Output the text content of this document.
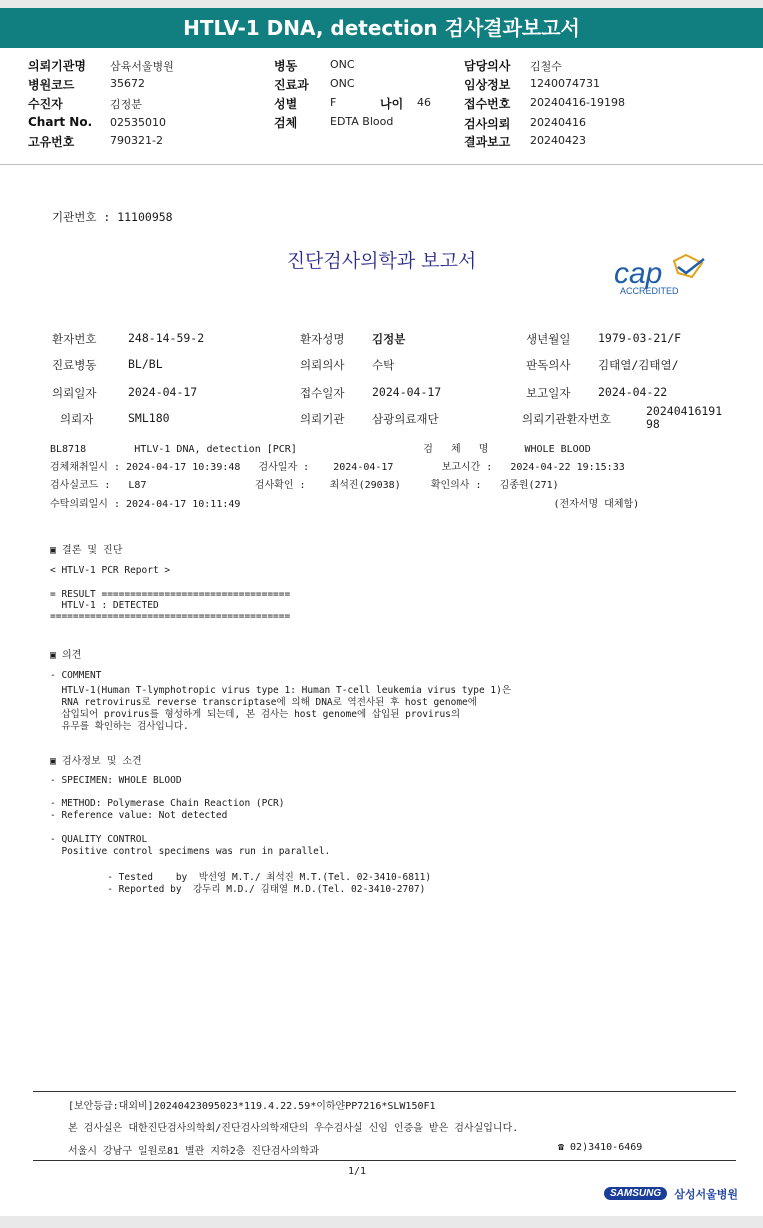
HTLV-1 DNA, detection 검사결과보고서
의뢰기관명 삼육서울병원
병원코드	35672
수진자	김정분
Chart No. 02535010
고유번호	790321-2
병동	ONC
진료과 ONC
성별	F	나이 46
검체	EDTA Blood
담당의사 김철수
임상정보 1240074731
접수번호 20240416-19198
검사의뢰 20240416
결과보고 20240423
기관번호 : 11100958
진단검사의학과 보고서	cap
ACCREDITED
환자번호	248-14-59-2	환자성명 김정분	생년월일 1979-03-21/F
진료병동	BL/BL	의뢰의사 수탁	판독의사 김태열/김태열/
의뢰일자	2024-04-17	접수일자 2024-04-17	보고일자 2024-04-22
의뢰자	SML180	의뢰기관 삼광의료재단	의뢰기관환자번호
2024041619198
BL8718        HTLV-1 DNA, detection [PCR]                     검   체   명      WHOLE BLOOD
검체채취일시 : 2024-04-17 10:39:48   검사일자 :    2024-04-17        보고시간 :   2024-04-22 19:15:33
검사실코드 :   L87                  검사확인 :    최석진(29038)     확인의사 :   김종원(271)
수탁의뢰일시 : 2024-04-17 10:11:49                                                    (전자서명 대체함)
▣ 결론 및 진단
< HTLV-1 PCR Report >
= RESULT =================================
HTLV-1 : DETECTED
==========================================
▣ 의견
- COMMENT
HTLV-1(Human T-lymphotropic virus type 1: Human T-cell leukemia virus type 1)은
RNA retrovirus로 reverse transcriptase에 의해 DNA로 역전사된 후 host genome에
삽입되어 provirus를 형성하게 되는데, 본 검사는 host genome에 삽입된 provirus의
유무를 확인하는 검사입니다.
▣ 검사정보 및 소견
- SPECIMEN: WHOLE BLOOD
- METHOD: Polymerase Chain Reaction (PCR)
- Reference value: Not detected
- QUALITY CONTROL
Positive control specimens was run in parallel.
- Tested    by  박선영 M.T./ 최석진 M.T.(Tel. 02-3410-6811)
- Reported by  강두리 M.D./ 김태열 M.D.(Tel. 02-3410-2707)
[보안등급:대외비]20240423095023*119.4.22.59*이하얀PP7216*SLW150F1
본 검사실은 대한진단검사의학회/진단검사의학재단의 우수검사실 신임 인증을 받은 검사실입니다.
서울시 강남구 일원로81 별관 지하2층 진단검사의학과	☎ 02)3410-6469
1/1
SAMSUNG 삼성서울병원
